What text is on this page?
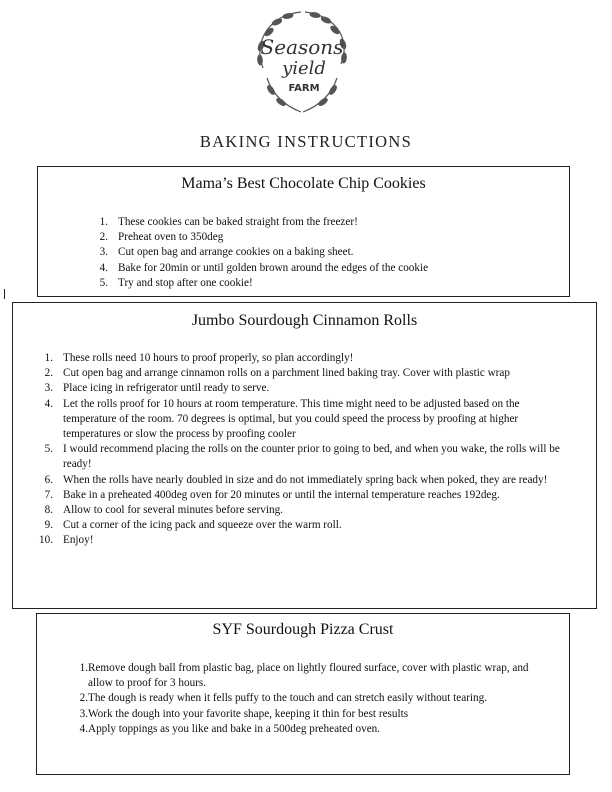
Seasons
yield
FARM
BAKING INSTRUCTIONS
Mama’s Best Chocolate Chip Cookies
1. These cookies can be baked straight from the freezer!
2. Preheat oven to 350deg
3. Cut open bag and arrange cookies on a baking sheet.
4. Bake for 20min or until golden brown around the edges of the cookie
5. Try and stop after one cookie!
Jumbo Sourdough Cinnamon Rolls
1. These rolls need 10 hours to proof properly, so plan accordingly!
2. Cut open bag and arrange cinnamon rolls on a parchment lined baking tray. Cover with plastic wrap
3. Place icing in refrigerator until ready to serve.
4. Let the rolls proof for 10 hours at room temperature. This time might need to be adjusted based on the temperature of the room. 70 degrees is optimal, but you could speed the process by proofing at higher temperatures or slow the process by proofing cooler
5. I would recommend placing the rolls on the counter prior to going to bed, and when you wake, the rolls will be ready!
6. When the rolls have nearly doubled in size and do not immediately spring back when poked, they are ready!
7. Bake in a preheated 400deg oven for 20 minutes or until the internal temperature reaches 192deg.
8. Allow to cool for several minutes before serving.
9. Cut a corner of the icing pack and squeeze over the warm roll.
10. Enjoy!
SYF Sourdough Pizza Crust
1. Remove dough ball from plastic bag, place on lightly floured surface, cover with plastic wrap, and allow to proof for 3 hours.
2. The dough is ready when it fells puffy to the touch and can stretch easily without tearing.
3. Work the dough into your favorite shape, keeping it thin for best results
4. Apply toppings as you like and bake in a 500deg preheated oven.
